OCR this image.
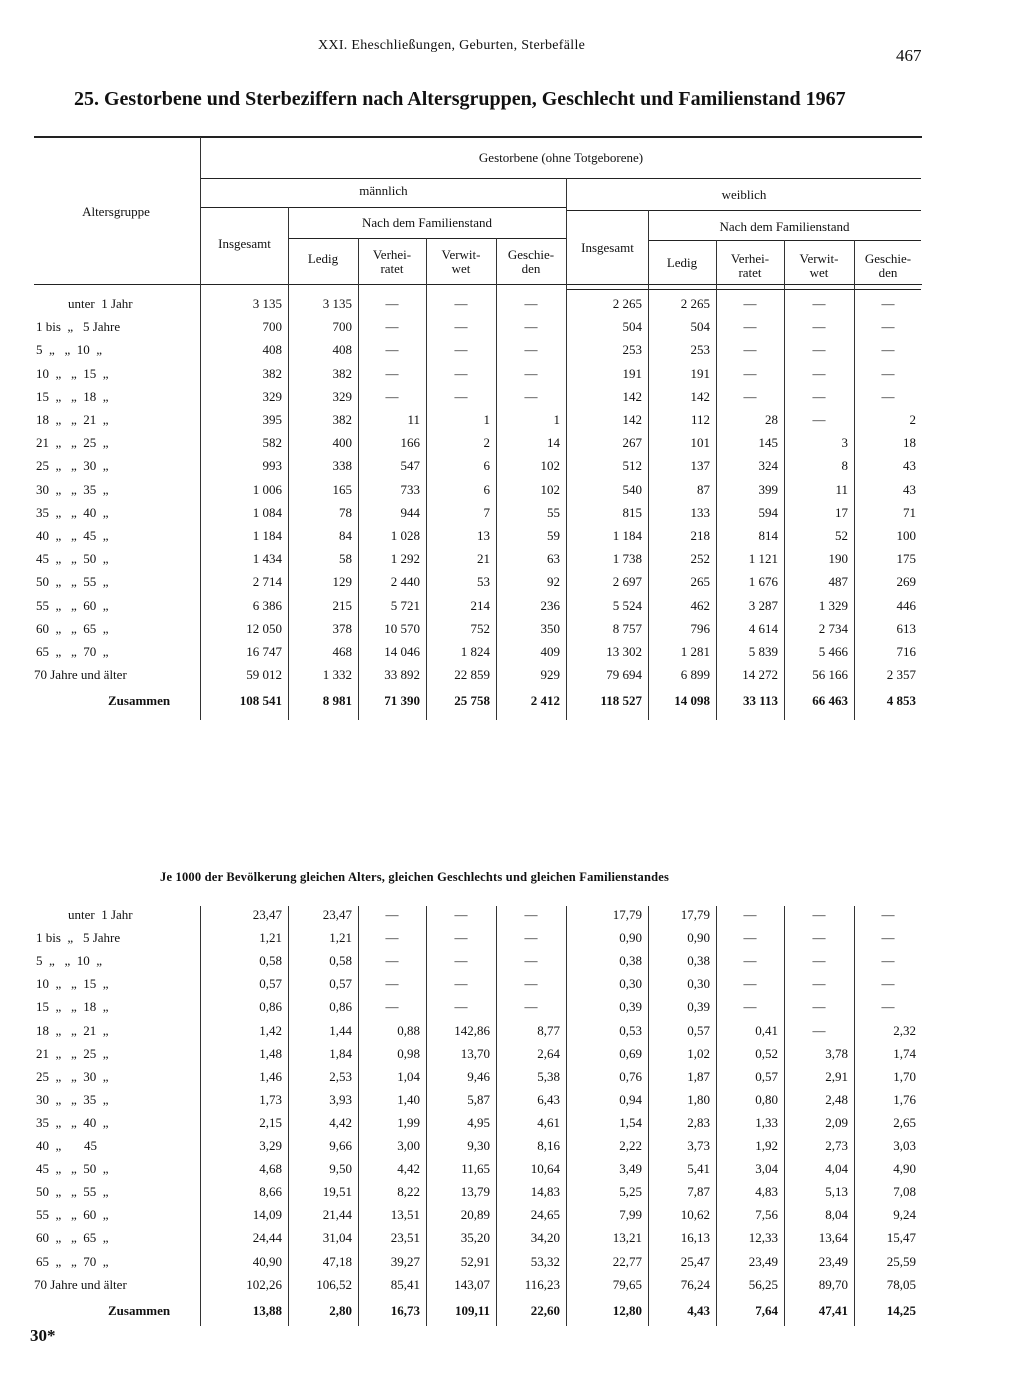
XXI. Eheschließungen, Geburten, Sterbefälle
467
25. Gestorbene und Sterbeziffern nach Altersgruppen, Geschlecht und Familienstand 1967
Altersgruppe
Gestorbene (ohne Totgeborene)
männlich	weiblich
Insgesamt	Insgesamt
Nach dem Familienstand	Nach dem Familienstand
Ledig	Verhei-
ratet
Verwit-
wet
Geschie-
den	Ledig	Verhei-
ratet
Verwit-
wet
Geschie-
den
unter  1 Jahr	3 135	3 135	—	—	—	2 265	2 265	—	—	—
1 bis  „   5 Jahre	700	700	—	—	—	504	504	—	—	—
5  „   „  10  „	408	408	—	—	—	253	253	—	—	—
10  „   „  15  „	382	382	—	—	—	191	191	—	—	—
15  „   „  18  „	329	329	—	—	—	142	142	—	—	—
18  „   „  21  „	395	382	11	1	1	142	112	28	—	2
21  „   „  25  „	582	400	166	2	14	267	101	145	3	18
25  „   „  30  „	993	338	547	6	102	512	137	324	8	43
30  „   „  35  „	1 006	165	733	6	102	540	87	399	11	43
35  „   „  40  „	1 084	78	944	7	55	815	133	594	17	71
40  „   „  45  „	1 184	84	1 028	13	59	1 184	218	814	52	100
45  „   „  50  „	1 434	58	1 292	21	63	1 738	252	1 121	190	175
50  „   „  55  „	2 714	129	2 440	53	92	2 697	265	1 676	487	269
55  „   „  60  „	6 386	215	5 721	214	236	5 524	462	3 287	1 329	446
60  „   „  65  „	12 050	378	10 570	752	350	8 757	796	4 614	2 734	613
65  „   „  70  „	16 747	468	14 046	1 824	409	13 302	1 281	5 839	5 466	716
70 Jahre und älter	59 012	1 332	33 892	22 859	929	79 694	6 899	14 272	56 166	2 357
Zusammen	108 541	8 981	71 390	25 758	2 412	118 527	14 098	33 113	66 463	4 853
Je 1000 der Bevölkerung gleichen Alters, gleichen Geschlechts und gleichen Familienstandes
unter  1 Jahr	23,47	23,47	—	—	—	17,79	17,79	—	—	—
1 bis  „   5 Jahre	1,21	1,21	—	—	—	0,90	0,90	—	—	—
5  „   „  10  „	0,58	0,58	—	—	—	0,38	0,38	—	—	—
10  „   „  15  „	0,57	0,57	—	—	—	0,30	0,30	—	—	—
15  „   „  18  „	0,86	0,86	—	—	—	0,39	0,39	—	—	—
18  „   „  21  „	1,42	1,44	0,88	142,86	8,77	0,53	0,57	0,41	—	2,32
21  „   „  25  „	1,48	1,84	0,98	13,70	2,64	0,69	1,02	0,52	3,78	1,74
25  „   „  30  „	1,46	2,53	1,04	9,46	5,38	0,76	1,87	0,57	2,91	1,70
30  „   „  35  „	1,73	3,93	1,40	5,87	6,43	0,94	1,80	0,80	2,48	1,76
35  „   „  40  „	2,15	4,42	1,99	4,95	4,61	1,54	2,83	1,33	2,09	2,65
40  „       45	3,29	9,66	3,00	9,30	8,16	2,22	3,73	1,92	2,73	3,03
45  „   „  50  „	4,68	9,50	4,42	11,65	10,64	3,49	5,41	3,04	4,04	4,90
50  „   „  55  „	8,66	19,51	8,22	13,79	14,83	5,25	7,87	4,83	5,13	7,08
55  „   „  60  „	14,09	21,44	13,51	20,89	24,65	7,99	10,62	7,56	8,04	9,24
60  „   „  65  „	24,44	31,04	23,51	35,20	34,20	13,21	16,13	12,33	13,64	15,47
65  „   „  70  „	40,90	47,18	39,27	52,91	53,32	22,77	25,47	23,49	23,49	25,59
70 Jahre und älter	102,26	106,52	85,41	143,07	116,23	79,65	76,24	56,25	89,70	78,05
Zusammen	13,88	2,80	16,73	109,11	22,60	12,80	4,43	7,64	47,41	14,25
30*
